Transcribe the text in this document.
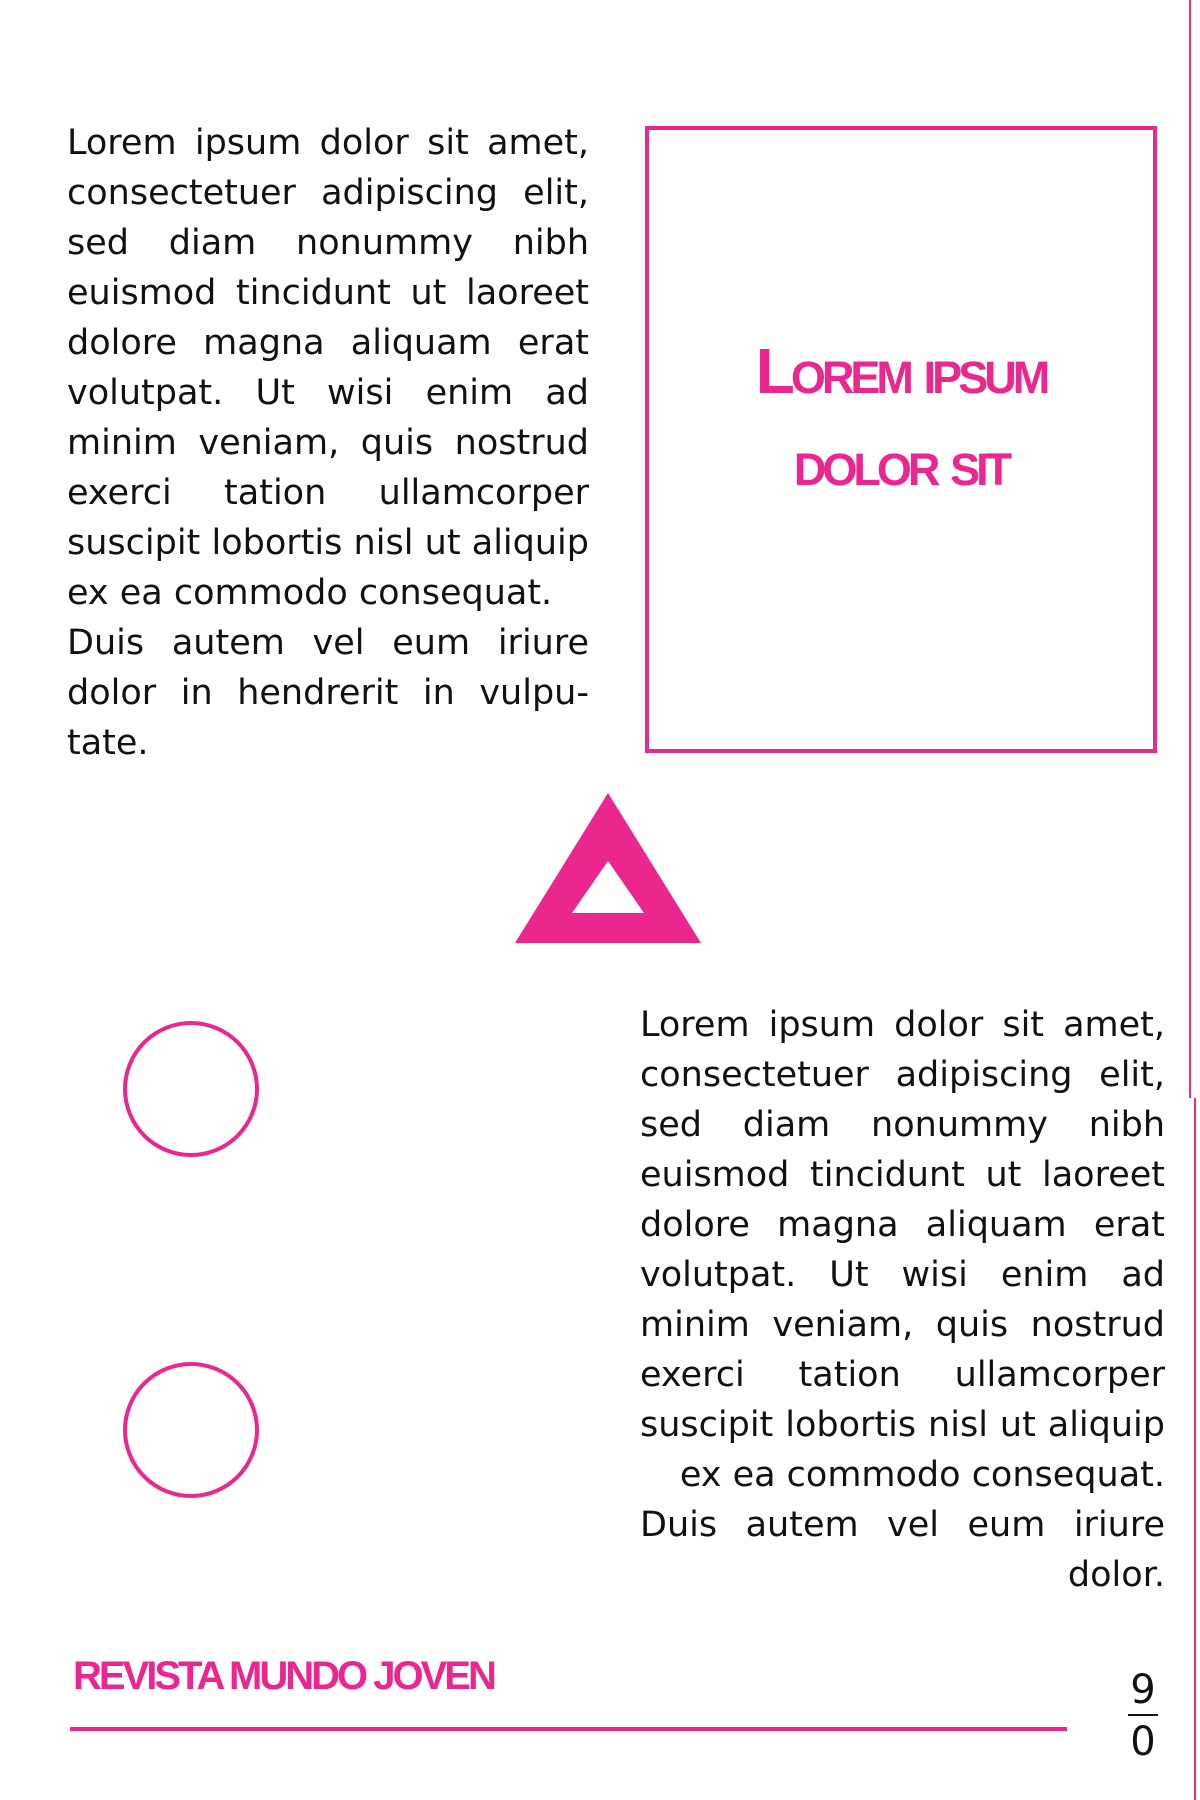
Lorem ipsum dolor sit amet, consectetuer adipiscing elit, sed diam nonummy nibh euismod tincidunt ut laoreet dolore magna aliquam erat volutpat. Ut wisi enim ad minim veniam, quis nostrud exerci tation ullamcorper suscipit lobortis nisl ut aliquip ex ea commodo consequat.

Duis autem vel eum iriure dolor in hendrerit in vulpu-tate.

Lorem ipsum
dolor sit

Lorem ipsum dolor sit amet, consectetuer adipiscing elit, sed diam nonummy nibh euismod tincidunt ut laoreet dolore magna aliquam erat volutpat. Ut wisi enim ad minim veniam, quis nostrud exerci tation ullamcorper suscipit lobortis nisl ut aliquip ex ea commodo consequat.

Duis autem vel eum iriure dolor.

REVISTA MUNDO JOVEN	9
0
